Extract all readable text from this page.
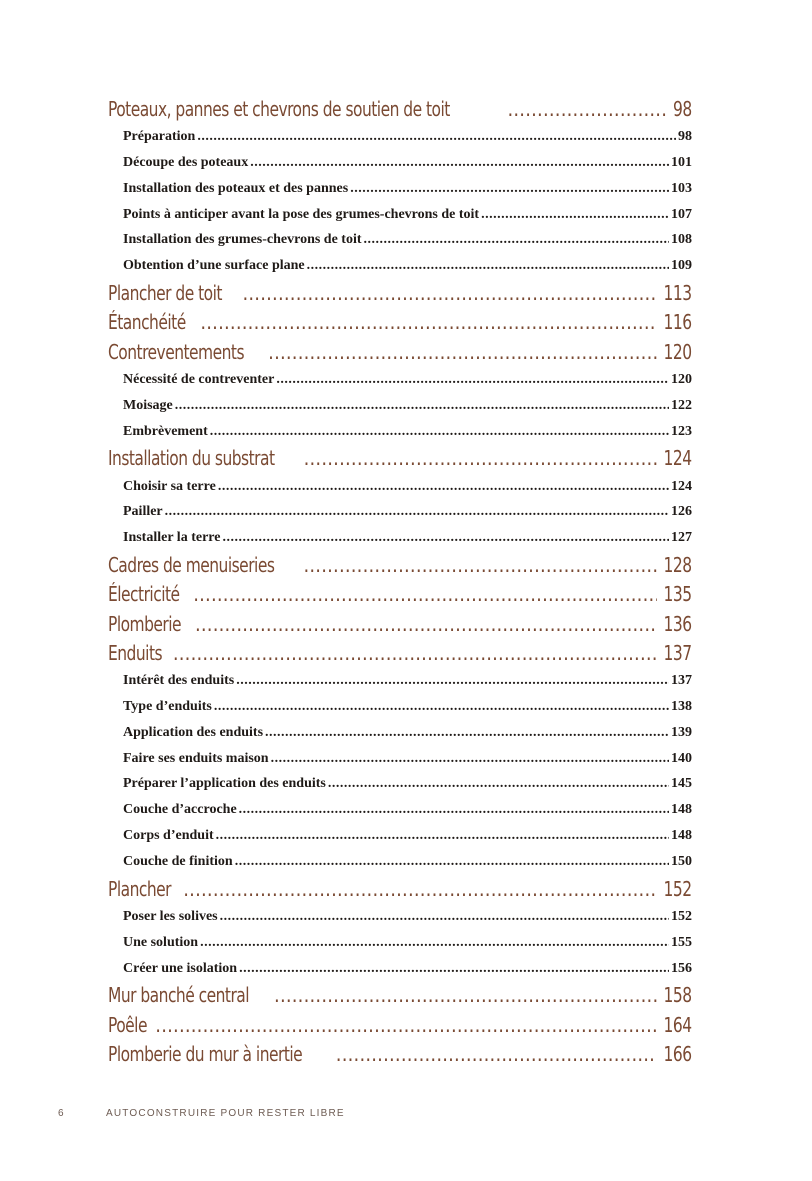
Poteaux, pannes et chevrons de soutien de toit .....	98
Préparation .....	98
Découpe des poteaux .....	101
Installation des poteaux et des pannes .....	103
Points à anticiper avant la pose des grumes-chevrons de toit .....	107
Installation des grumes-chevrons de toit .....	108
Obtention d’une surface plane .....	109
Plancher de toit .....	113
Étanchéité .....	116
Contreventements .....	120
Nécessité de contreventer .....	120
Moisage .....	122
Embrèvement .....	123
Installation du substrat .....	124
Choisir sa terre .....	124
Pailler .....	126
Installer la terre .....	127
Cadres de menuiseries .....	128
Électricité .....	135
Plomberie .....	136
Enduits .....	137
Intérêt des enduits .....	137
Type d’enduits .....	138
Application des enduits .....	139
Faire ses enduits maison .....	140
Préparer l’application des enduits .....	145
Couche d’accroche .....	148
Corps d’enduit .....	148
Couche de finition .....	150
Plancher .....	152
Poser les solives .....	152
Une solution .....	155
Créer une isolation .....	156
Mur banché central .....	158
Poêle .....	164
Plomberie du mur à inertie .....	166
6	AUTOCONSTRUIRE POUR RESTER LIBRE
